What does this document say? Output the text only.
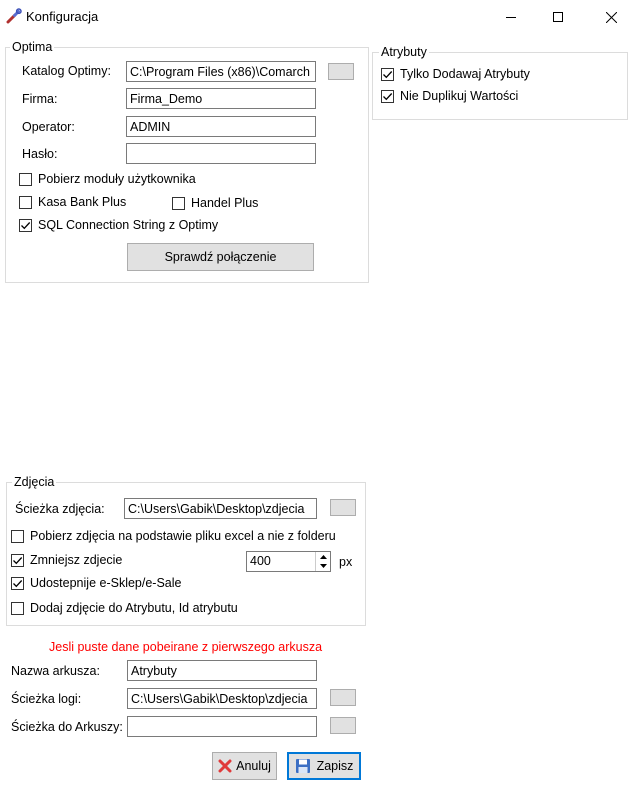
Konfiguracja
Optima
Katalog Optimy:
C:\Program Files (x86)\Comarch ERP Optima
Firma:
Firma_Demo
Operator:
ADMIN
Hasło:
Pobierz moduły użytkownika
Kasa Bank Plus	Handel Plus
SQL Connection String z Optimy
Sprawdź połączenie
Atrybuty
Tylko Dodawaj Atrybuty
Nie Duplikuj Wartości
Zdjęcia
Ścieżka zdjęcia:
C:\Users\Gabik\Desktop\zdjecia
Pobierz zdjęcia na podstawie pliku excel a nie z folderu
Zmniejsz zdjecie	400	px
Udostepnije e-Sklep/e-Sale
Dodaj zdjęcie do Atrybutu, Id atrybutu
Jesli puste dane pobeirane z pierwszego arkusza
Nazwa arkusza:
Atrybuty
Ścieżka logi:
C:\Users\Gabik\Desktop\zdjecia
Ścieżka do Arkuszy:
Anuluj	Zapisz
